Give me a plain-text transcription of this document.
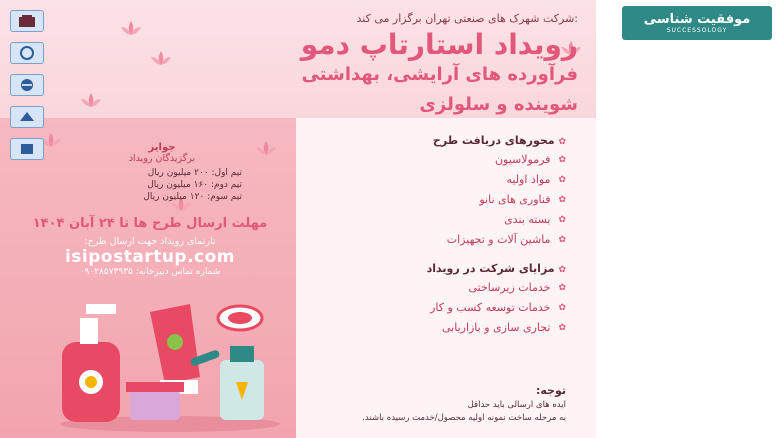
شرکت شهرک های صنعتی تهران برگزار می کند:
رویداد استارتاپ دمو
فرآورده های آرایشی، بهداشتی
شوینده و سلولزی
جوایز
برگزیدگان رویداد
تیم اول: ۲۰۰ میلیون ریال
تیم دوم: ۱۶۰ میلیون ریال
تیم سوم: ۱۲۰ میلیون ریال
مهلت ارسال طرح ها تا ۲۴ آبان ۱۴۰۴
تارنمای رویداد جهت ارسال طرح:
isipostartup.com
شماره تماس دبیرخانه: ۰۹۰۲۸۵۷۳۹۳۵
✿ محورهای دریافت طرح
✿
فرمولاسیون
✿
مواد اولیه
✿
فناوری های نانو
✿
بسته بندی
✿
ماشین آلات و تجهیزات
✿ مزایای شرکت در رویداد
✿
خدمات زیرساختی
✿
خدمات توسعه کسب و کار
✿
تجاری سازی و بازاریابی
توجه:
ایده های ارسالی باید حداقل
به مرحله ساخت نمونه اولیه محصول/خدمت رسیده باشند.
موفقیت شناسی
SUCCESSOLOGY
